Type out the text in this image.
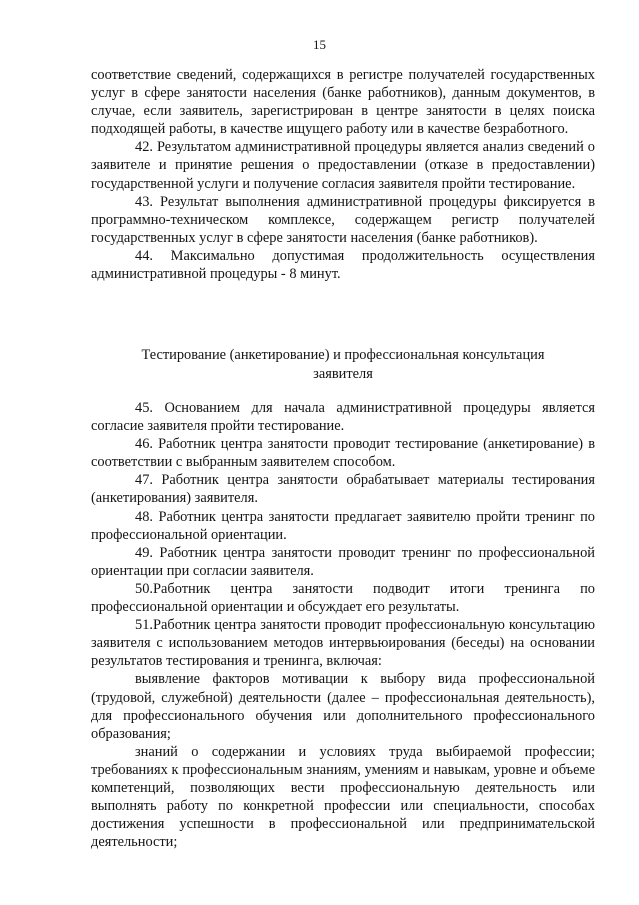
15

соответствие сведений, содержащихся в регистре получателей государственных услуг в сфере занятости населения (банке работников), данным документов, в случае, если заявитель, зарегистрирован в центре занятости в целях поиска подходящей работы, в качестве ищущего работу или в качестве безработного.

42. Результатом административной процедуры является анализ сведений о заявителе и принятие решения о предоставлении (отказе в предоставлении) государственной услуги и получение согласия заявителя пройти тестирование.

43. Результат выполнения административной процедуры фиксируется в программно-техническом комплексе, содержащем регистр получателей государственных услуг в сфере занятости населения (банке работников).

44. Максимально допустимая продолжительность осуществления административной процедуры - 8 минут.

Тестирование (анкетирование) и профессиональная консультация

заявителя

45. Основанием для начала административной процедуры является согласие заявителя пройти тестирование.

46. Работник центра занятости проводит тестирование (анкетирование) в соответствии с выбранным заявителем способом.

47. Работник центра занятости обрабатывает материалы тестирования (анкетирования) заявителя.

48. Работник центра занятости предлагает заявителю пройти тренинг по профессиональной ориентации.

49. Работник центра занятости проводит тренинг по профессиональной ориентации при согласии заявителя.

50.Работник центра занятости подводит итоги тренинга по профессиональной ориентации и обсуждает его результаты.

51.Работник центра занятости проводит профессиональную консультацию заявителя с использованием методов интервьюирования (беседы) на основании результатов тестирования и тренинга, включая:

выявление факторов мотивации к выбору вида профессиональной (трудовой, служебной) деятельности (далее – профессиональная деятельность), для профессионального обучения или дополнительного профессионального образования;

знаний о содержании и условиях труда выбираемой профессии; требованиях к профессиональным знаниям, умениям и навыкам, уровне и объеме компетенций, позволяющих вести профессиональную деятельность или выполнять работу по конкретной профессии или специальности, способах достижения успешности в профессиональной или предпринимательской деятельности;
